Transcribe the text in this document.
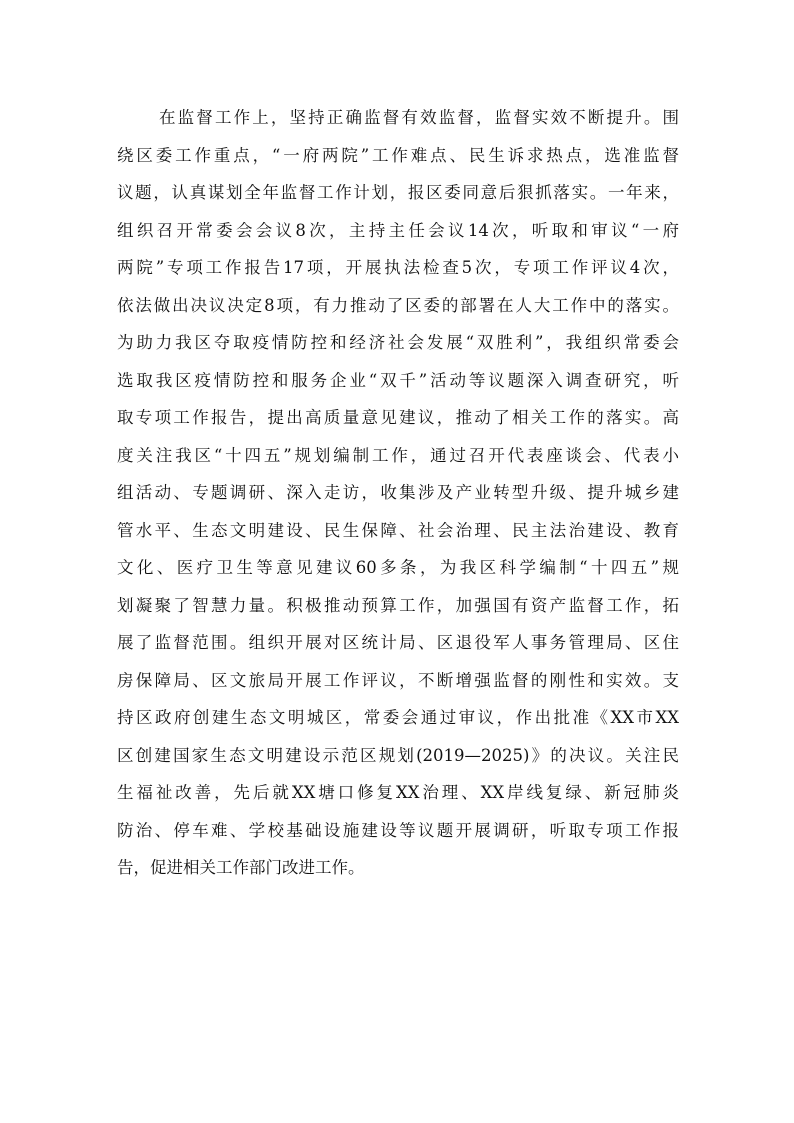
在监督工作上，坚持正确监督有效监督，监督实效不断提升。围
绕区委工作重点，“一府两院”工作难点、民生诉求热点，选准监督
议题，认真谋划全年监督工作计划，报区委同意后狠抓落实。一年来，
组织召开常委会会议8次，主持主任会议14次，听取和审议“一府
两院”专项工作报告17项，开展执法检查5次，专项工作评议4次，
依法做出决议决定8项，有力推动了区委的部署在人大工作中的落实。
为助力我区夺取疫情防控和经济社会发展“双胜利”，我组织常委会
选取我区疫情防控和服务企业“双千”活动等议题深入调查研究，听
取专项工作报告，提出高质量意见建议，推动了相关工作的落实。高
度关注我区“十四五”规划编制工作，通过召开代表座谈会、代表小
组活动、专题调研、深入走访，收集涉及产业转型升级、提升城乡建
管水平、生态文明建设、民生保障、社会治理、民主法治建设、教育
文化、医疗卫生等意见建议60多条，为我区科学编制“十四五”规
划凝聚了智慧力量。积极推动预算工作，加强国有资产监督工作，拓
展了监督范围。组织开展对区统计局、区退役军人事务管理局、区住
房保障局、区文旅局开展工作评议，不断增强监督的刚性和实效。支
持区政府创建生态文明城区，常委会通过审议，作出批准《XX市XX
区创建国家生态文明建设示范区规划(2019—2025)》的决议。关注民
生福祉改善，先后就XX塘口修复XX治理、XX岸线复绿、新冠肺炎
防治、停车难、学校基础设施建设等议题开展调研，听取专项工作报
告，促进相关工作部门改进工作。
